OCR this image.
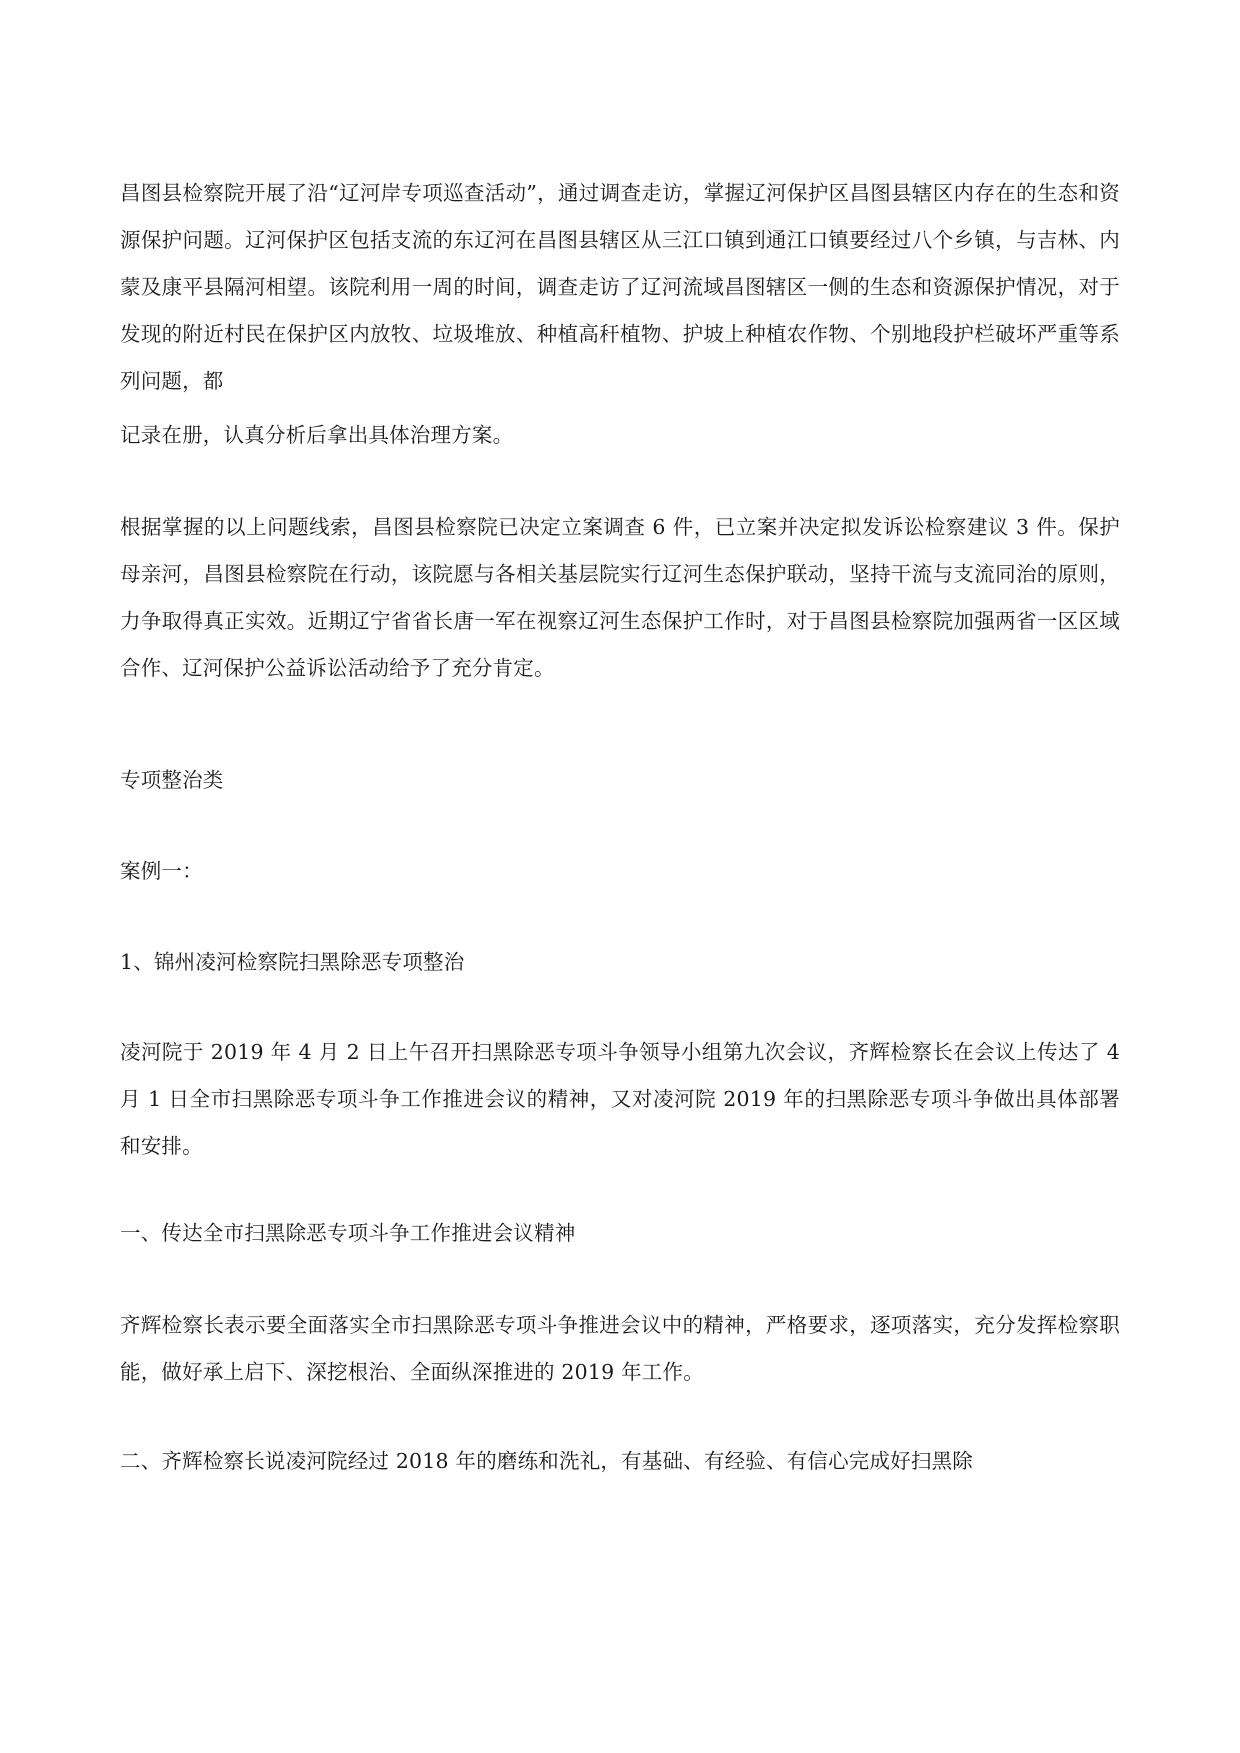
昌图县检察院开展了沿“辽河岸专项巡查活动”，通过调查走访，掌握辽河保护区昌图县辖区内存在的生态和资源保护问题。辽河保护区包括支流的东辽河在昌图县辖区从三江口镇到通江口镇要经过八个乡镇，与吉林、内蒙及康平县隔河相望。该院利用一周的时间，调查走访了辽河流域昌图辖区一侧的生态和资源保护情况，对于发现的附近村民在保护区内放牧、垃圾堆放、种植高秆植物、护坡上种植农作物、个别地段护栏破坏严重等系列问题，都

记录在册，认真分析后拿出具体治理方案。

根据掌握的以上问题线索，昌图县检察院已决定立案调查 6 件，已立案并决定拟发诉讼检察建议 3 件。保护母亲河，昌图县检察院在行动，该院愿与各相关基层院实行辽河生态保护联动，坚持干流与支流同治的原则，力争取得真正实效。近期辽宁省省长唐一军在视察辽河生态保护工作时，对于昌图县检察院加强两省一区区域合作、辽河保护公益诉讼活动给予了充分肯定。

专项整治类

案例一：

1、锦州凌河检察院扫黑除恶专项整治

凌河院于 2019 年 4 月 2 日上午召开扫黑除恶专项斗争领导小组第九次会议，齐辉检察长在会议上传达了 4 月 1 日全市扫黑除恶专项斗争工作推进会议的精神，又对凌河院 2019 年的扫黑除恶专项斗争做出具体部署和安排。

一、传达全市扫黑除恶专项斗争工作推进会议精神

齐辉检察长表示要全面落实全市扫黑除恶专项斗争推进会议中的精神，严格要求，逐项落实，充分发挥检察职能，做好承上启下、深挖根治、全面纵深推进的 2019 年工作。

二、齐辉检察长说凌河院经过 2018 年的磨练和洗礼，有基础、有经验、有信心完成好扫黑除
